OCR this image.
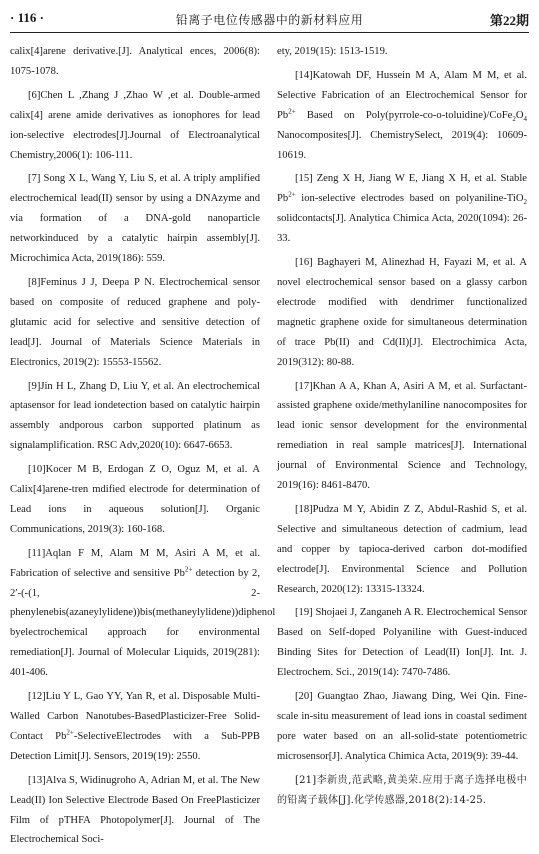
· 116 ·	铅离子电位传感器中的新材料应用	第22期

calix[4]arene derivative.[J]. Analytical ences, 2006(8): 1075-1078.

[6]Chen L ,Zhang J ,Zhao W ,et al. Double-armed calix[4] arene amide derivatives as ionophores for lead ion-selective electrodes[J].Journal of Electroanalytical Chemistry,2006(1): 106-111.

[7] Song X L, Wang Y, Liu S, et al. A triply amplified electrochemical lead(II) sensor by using a DNAzyme and via formation of a DNA-gold nanoparticle networkinduced by a catalytic hairpin assembly[J]. Microchimica Acta, 2019(186): 559.

[8]Feminus J J, Deepa P N. Electrochemical sensor based on composite of reduced graphene and poly-glutamic acid for selective and sensitive detection of lead[J]. Journal of Materials Science Materials in Electronics, 2019(2): 15553-15562.

[9]Jin H L, Zhang D, Liu Y, et al. An electrochemical aptasensor for lead iondetection based on catalytic hairpin assembly andporous carbon supported platinum as signalamplification. RSC Adv,2020(10): 6647-6653.

[10]Kocer M B, Erdogan Z O, Oguz M, et al. A Calix[4]arene-tren mdified electrode for determination of Lead ions in aqueous solution[J]. Organic Communications, 2019(3): 160-168.

[11]Aqlan F M, Alam M M, Asiri A M, et al. Fabrication of selective and sensitive $Pb^{2+}$ detection by 2, 2′-(-(1, 2-phenylenebis(azaneylylidene))bis(methaneylylidene))diphenol byelectrochemical approach for environmental remediation[J]. Journal of Molecular Liquids, 2019(281): 401-406.

[12]Liu Y L, Gao YY, Yan R, et al. Disposable Multi-Walled Carbon Nanotubes-BasedPlasticizer-Free Solid-Contact $Pb^{2+}$-SelectiveElectrodes with a Sub-PPB Detection Limit[J]. Sensors, 2019(19): 2550.

[13]Alva S, Widinugroho A, Adrian M, et al. The New Lead(II) Ion Selective Electrode Based On FreePlasticizer Film of pTHFA Photopolymer[J]. Journal of The Electrochemical Soci-

ety, 2019(15): 1513-1519.

[14]Katowah DF, Hussein M A, Alam M M, et al. Selective Fabrication of an Electrochemical Sensor for $Pb^{2+}$ Based on $Poly(pyrrole-co-o-toluidine)/CoFe_2O_4$ Nanocomposites[J]. ChemistrySelect, 2019(4): 10609-10619.

[15] Zeng X H, Jiang W E, Jiang X H, et al. Stable $Pb^{2+}$ ion-selective electrodes based on polyaniline-TiO$_2$ solidcontacts[J]. Analytica Chimica Acta, 2020(1094): 26-33.

[16] Baghayeri M, Alinezhad H, Fayazi M, et al. A novel electrochemical sensor based on a glassy carbon electrode modified with dendrimer functionalized magnetic graphene oxide for simultaneous determination of trace Pb(II) and Cd(II)[J]. Electrochimica Acta, 2019(312): 80-88.

[17]Khan A A, Khan A, Asiri A M, et al. Surfactant-assisted graphene oxide/methylaniline nanocomposites for lead ionic sensor development for the environmental remediation in real sample matrices[J]. International journal of Environmental Science and Technology, 2019(16): 8461-8470.

[18]Pudza M Y, Abidin Z Z, Abdul-Rashid S, et al. Selective and simultaneous detection of cadmium, lead and copper by tapioca-derived carbon dot-modified electrode[J]. Environmental Science and Pollution Research, 2020(12): 13315-13324.

[19] Shojaei J, Zanganeh A R. Electrochemical Sensor Based on Self-doped Polyaniline with Guest-induced Binding Sites for Detection of Lead(II) Ion[J]. Int. J. Electrochem. Sci., 2019(14): 7470-7486.

[20] Guangtao Zhao, Jiawang Ding, Wei Qin. Fine-scale in-situ measurement of lead ions in coastal sediment pore water based on an all-solid-state potentiometric microsensor[J]. Analytica Chimica Acta, 2019(9): 39-44.

[21]李新贵,范武略,黄美荣.应用于离子选择电极中的铅离子载体[J].化学传感器,2018(2):14-25.
